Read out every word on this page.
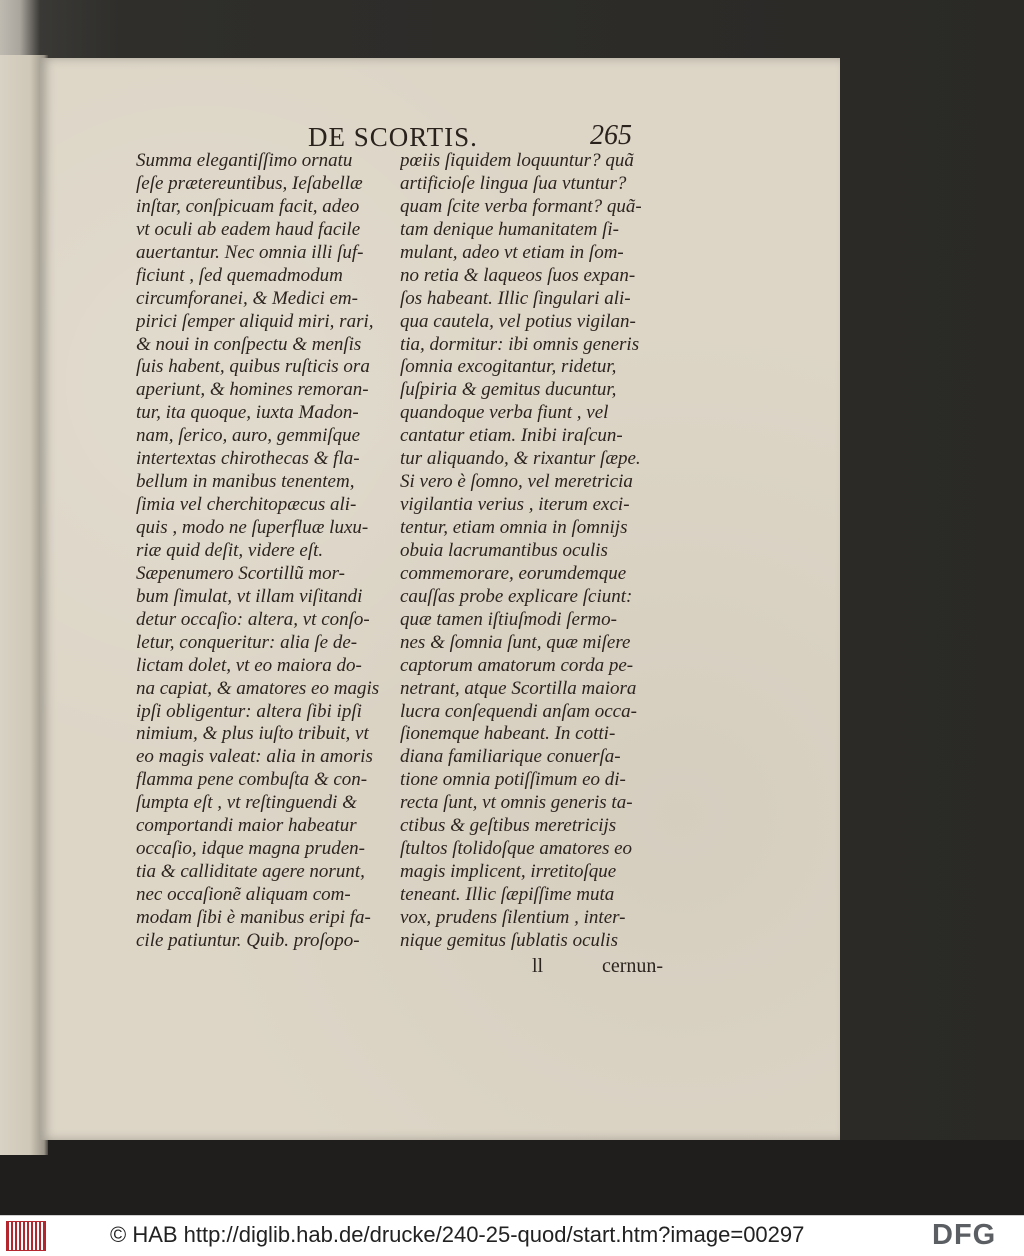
DE SCORTIS.	265
Summa elegantiſſimo ornatu
ſeſe prætereuntibus, Ieſabellæ
inſtar, conſpicuam facit, adeo
vt oculi ab eadem haud facile
auertantur. Nec omnia illi ſuf-
ficiunt , ſed quemadmodum
circumforanei, & Medici em-
pirici ſemper aliquid miri, rari,
& noui in conſpectu & menſis
ſuis habent, quibus ruſticis ora
aperiunt, & homines remoran-
tur, ita quoque, iuxta Madon-
nam, ſerico, auro, gemmiſque
intertextas chirothecas & fla-
bellum in manibus tenentem,
ſimia vel cherchitopæcus ali-
quis , modo ne ſuperfluæ luxu-
riæ quid deſit, videre eſt.
Sæpenumero Scortillũ mor-
bum ſimulat, vt illam viſitandi
detur occaſio: altera, vt conſo-
letur, conqueritur: alia ſe de-
lictam dolet, vt eo maiora do-
na capiat, & amatores eo magis
ipſi obligentur: altera ſibi ipſi
nimium, & plus iuſto tribuit, vt
eo magis valeat: alia in amoris
flamma pene combuſta & con-
ſumpta eſt , vt reſtinguendi &
comportandi maior habeatur
occaſio, idque magna pruden-
tia & calliditate agere norunt,
nec occaſionẽ aliquam com-
modam ſibi è manibus eripi fa-
cile patiuntur. Quib. proſopo-
pœiis ſiquidem loquuntur? quã
artificioſe lingua ſua vtuntur?
quam ſcite verba formant? quã-
tam denique humanitatem ſi-
mulant, adeo vt etiam in ſom-
no retia & laqueos ſuos expan-
ſos habeant. Illic ſingulari ali-
qua cautela, vel potius vigilan-
tia, dormitur: ibi omnis generis
ſomnia excogitantur, ridetur,
ſuſpiria & gemitus ducuntur,
quandoque verba fiunt , vel
cantatur etiam. Inibi iraſcun-
tur aliquando, & rixantur ſæpe.
Si vero è ſomno, vel meretricia
vigilantia verius , iterum exci-
tentur, etiam omnia in ſomnijs
obuia lacrumantibus oculis
commemorare, eorumdemque
cauſſas probe explicare ſciunt:
quæ tamen iſtiuſmodi ſermo-
nes & ſomnia ſunt, quæ miſere
captorum amatorum corda pe-
netrant, atque Scortilla maiora
lucra conſequendi anſam occa-
ſionemque habeant. In cotti-
diana familiarique conuerſa-
tione omnia potiſſimum eo di-
recta ſunt, vt omnis generis ta-
ctibus & geſtibus meretricijs
ſtultos ſtolidoſque amatores eo
magis implicent, irretitoſque
teneant. Illic ſæpiſſime muta
vox, prudens ſilentium , inter-
nique gemitus ſublatis oculis
ll	cernun-
© HAB http://diglib.hab.de/drucke/240-25-quod/start.htm?image=00297	DFG
